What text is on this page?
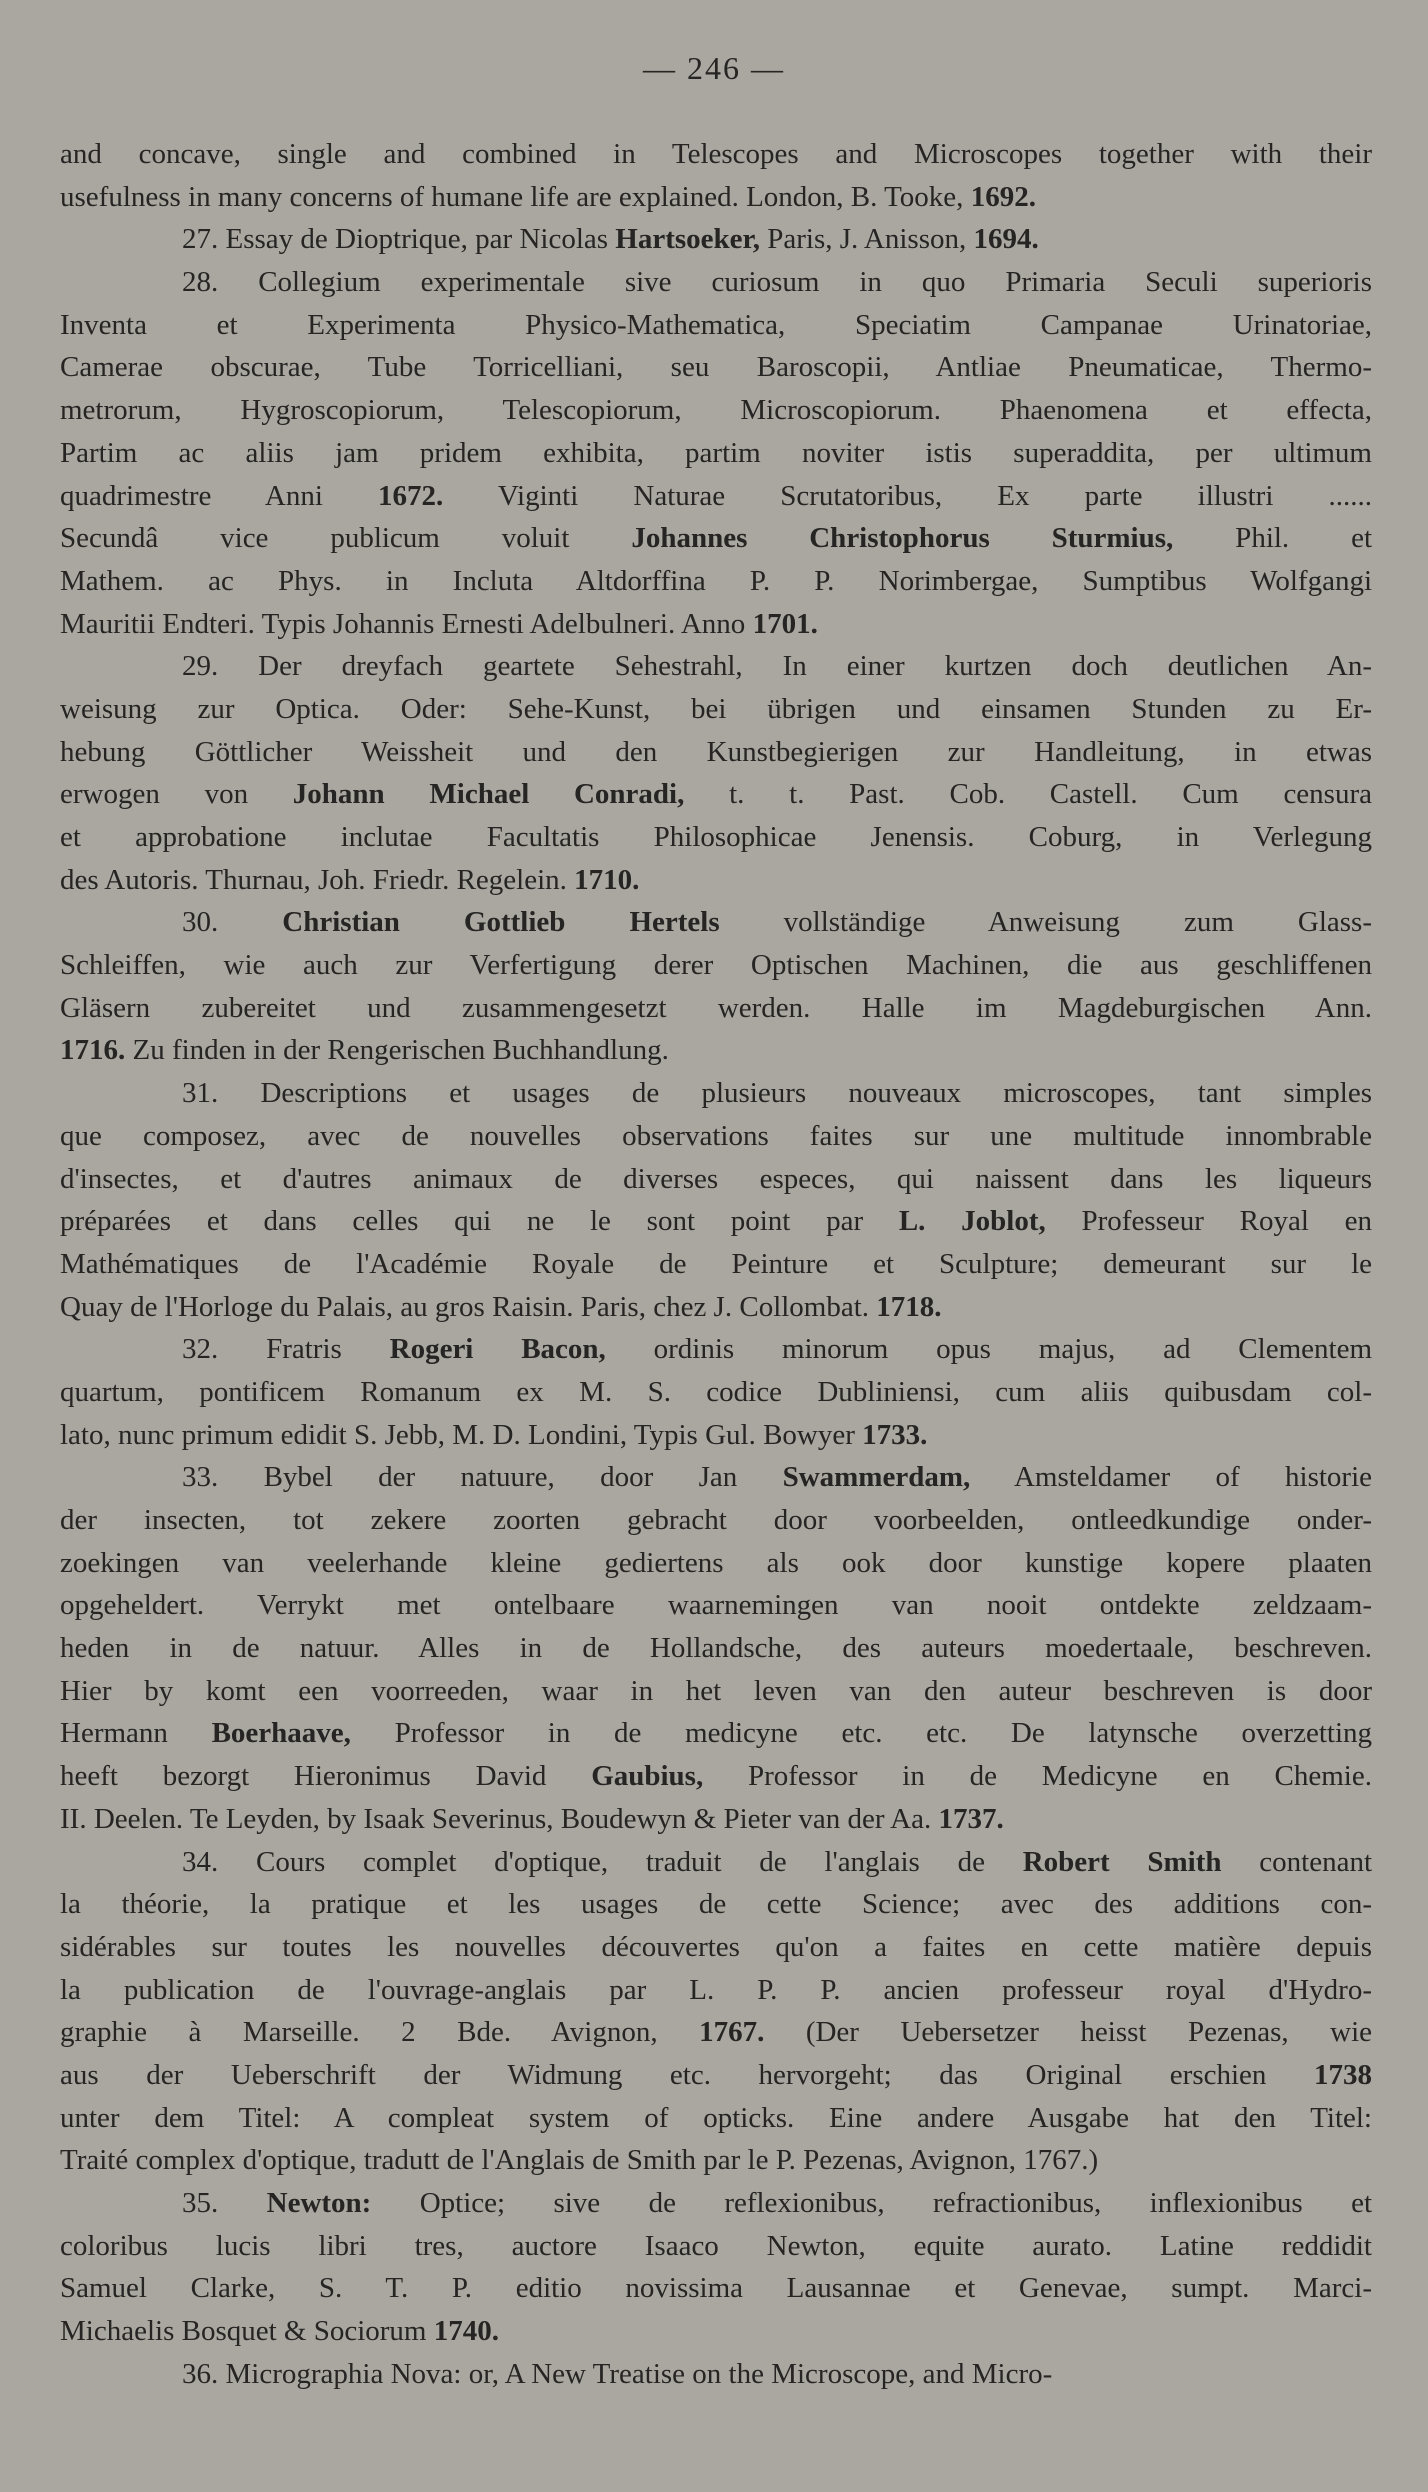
— 246 —
and concave, single and combined in Telescopes and Microscopes together with their
usefulness in many concerns of humane life are explained. London, B. Tooke, 1692.
27. Essay de Dioptrique, par Nicolas Hartsoeker, Paris, J. Anisson, 1694.
28. Collegium experimentale sive curiosum in quo Primaria Seculi superioris
Inventa et Experimenta Physico-Mathematica, Speciatim Campanae Urinatoriae,
Camerae obscurae, Tube Torricelliani, seu Baroscopii, Antliae Pneumaticae, Thermo-
metrorum, Hygroscopiorum, Telescopiorum, Microscopiorum. Phaenomena et effecta,
Partim ac aliis jam pridem exhibita, partim noviter istis superaddita, per ultimum
quadrimestre Anni 1672. Viginti Naturae Scrutatoribus, Ex parte illustri ......
Secundâ vice publicum voluit Johannes Christophorus Sturmius, Phil. et
Mathem. ac Phys. in Incluta Altdorffina P. P. Norimbergae, Sumptibus Wolfgangi
Mauritii Endteri. Typis Johannis Ernesti Adelbulneri. Anno 1701.
29. Der dreyfach geartete Sehestrahl, In einer kurtzen doch deutlichen An-
weisung zur Optica. Oder: Sehe-Kunst, bei übrigen und einsamen Stunden zu Er-
hebung Göttlicher Weissheit und den Kunstbegierigen zur Handleitung, in etwas
erwogen von Johann Michael Conradi, t. t. Past. Cob. Castell. Cum censura
et approbatione inclutae Facultatis Philosophicae Jenensis. Coburg, in Verlegung
des Autoris. Thurnau, Joh. Friedr. Regelein. 1710.
30. Christian Gottlieb Hertels vollständige Anweisung zum Glass-
Schleiffen, wie auch zur Verfertigung derer Optischen Machinen, die aus geschliffenen
Gläsern zubereitet und zusammengesetzt werden. Halle im Magdeburgischen Ann.
1716. Zu finden in der Rengerischen Buchhandlung.
31. Descriptions et usages de plusieurs nouveaux microscopes, tant simples
que composez, avec de nouvelles observations faites sur une multitude innombrable
d'insectes, et d'autres animaux de diverses especes, qui naissent dans les liqueurs
préparées et dans celles qui ne le sont point par L. Joblot, Professeur Royal en
Mathématiques de l'Académie Royale de Peinture et Sculpture; demeurant sur le
Quay de l'Horloge du Palais, au gros Raisin. Paris, chez J. Collombat. 1718.
32. Fratris Rogeri Bacon, ordinis minorum opus majus, ad Clementem
quartum, pontificem Romanum ex M. S. codice Dubliniensi, cum aliis quibusdam col-
lato, nunc primum edidit S. Jebb, M. D. Londini, Typis Gul. Bowyer 1733.
33. Bybel der natuure, door Jan Swammerdam, Amsteldamer of historie
der insecten, tot zekere zoorten gebracht door voorbeelden, ontleedkundige onder-
zoekingen van veelerhande kleine gediertens als ook door kunstige kopere plaaten
opgeheldert. Verrykt met ontelbaare waarnemingen van nooit ontdekte zeldzaam-
heden in de natuur. Alles in de Hollandsche, des auteurs moedertaale, beschreven.
Hier by komt een voorreeden, waar in het leven van den auteur beschreven is door
Hermann Boerhaave, Professor in de medicyne etc. etc. De latynsche overzetting
heeft bezorgt Hieronimus David Gaubius, Professor in de Medicyne en Chemie.
II. Deelen. Te Leyden, by Isaak Severinus, Boudewyn & Pieter van der Aa. 1737.
34. Cours complet d'optique, traduit de l'anglais de Robert Smith contenant
la théorie, la pratique et les usages de cette Science; avec des additions con-
sidérables sur toutes les nouvelles découvertes qu'on a faites en cette matière depuis
la publication de l'ouvrage-anglais par L. P. P. ancien professeur royal d'Hydro-
graphie à Marseille. 2 Bde. Avignon, 1767. (Der Uebersetzer heisst Pezenas, wie
aus der Ueberschrift der Widmung etc. hervorgeht; das Original erschien 1738
unter dem Titel: A compleat system of opticks. Eine andere Ausgabe hat den Titel:
Traité complex d'optique, tradutt de l'Anglais de Smith par le P. Pezenas, Avignon, 1767.)
35. Newton: Optice; sive de reflexionibus, refractionibus, inflexionibus et
coloribus lucis libri tres, auctore Isaaco Newton, equite aurato. Latine reddidit
Samuel Clarke, S. T. P. editio novissima Lausannae et Genevae, sumpt. Marci-
Michaelis Bosquet & Sociorum 1740.
36. Micrographia Nova: or, A New Treatise on the Microscope, and Micro-
